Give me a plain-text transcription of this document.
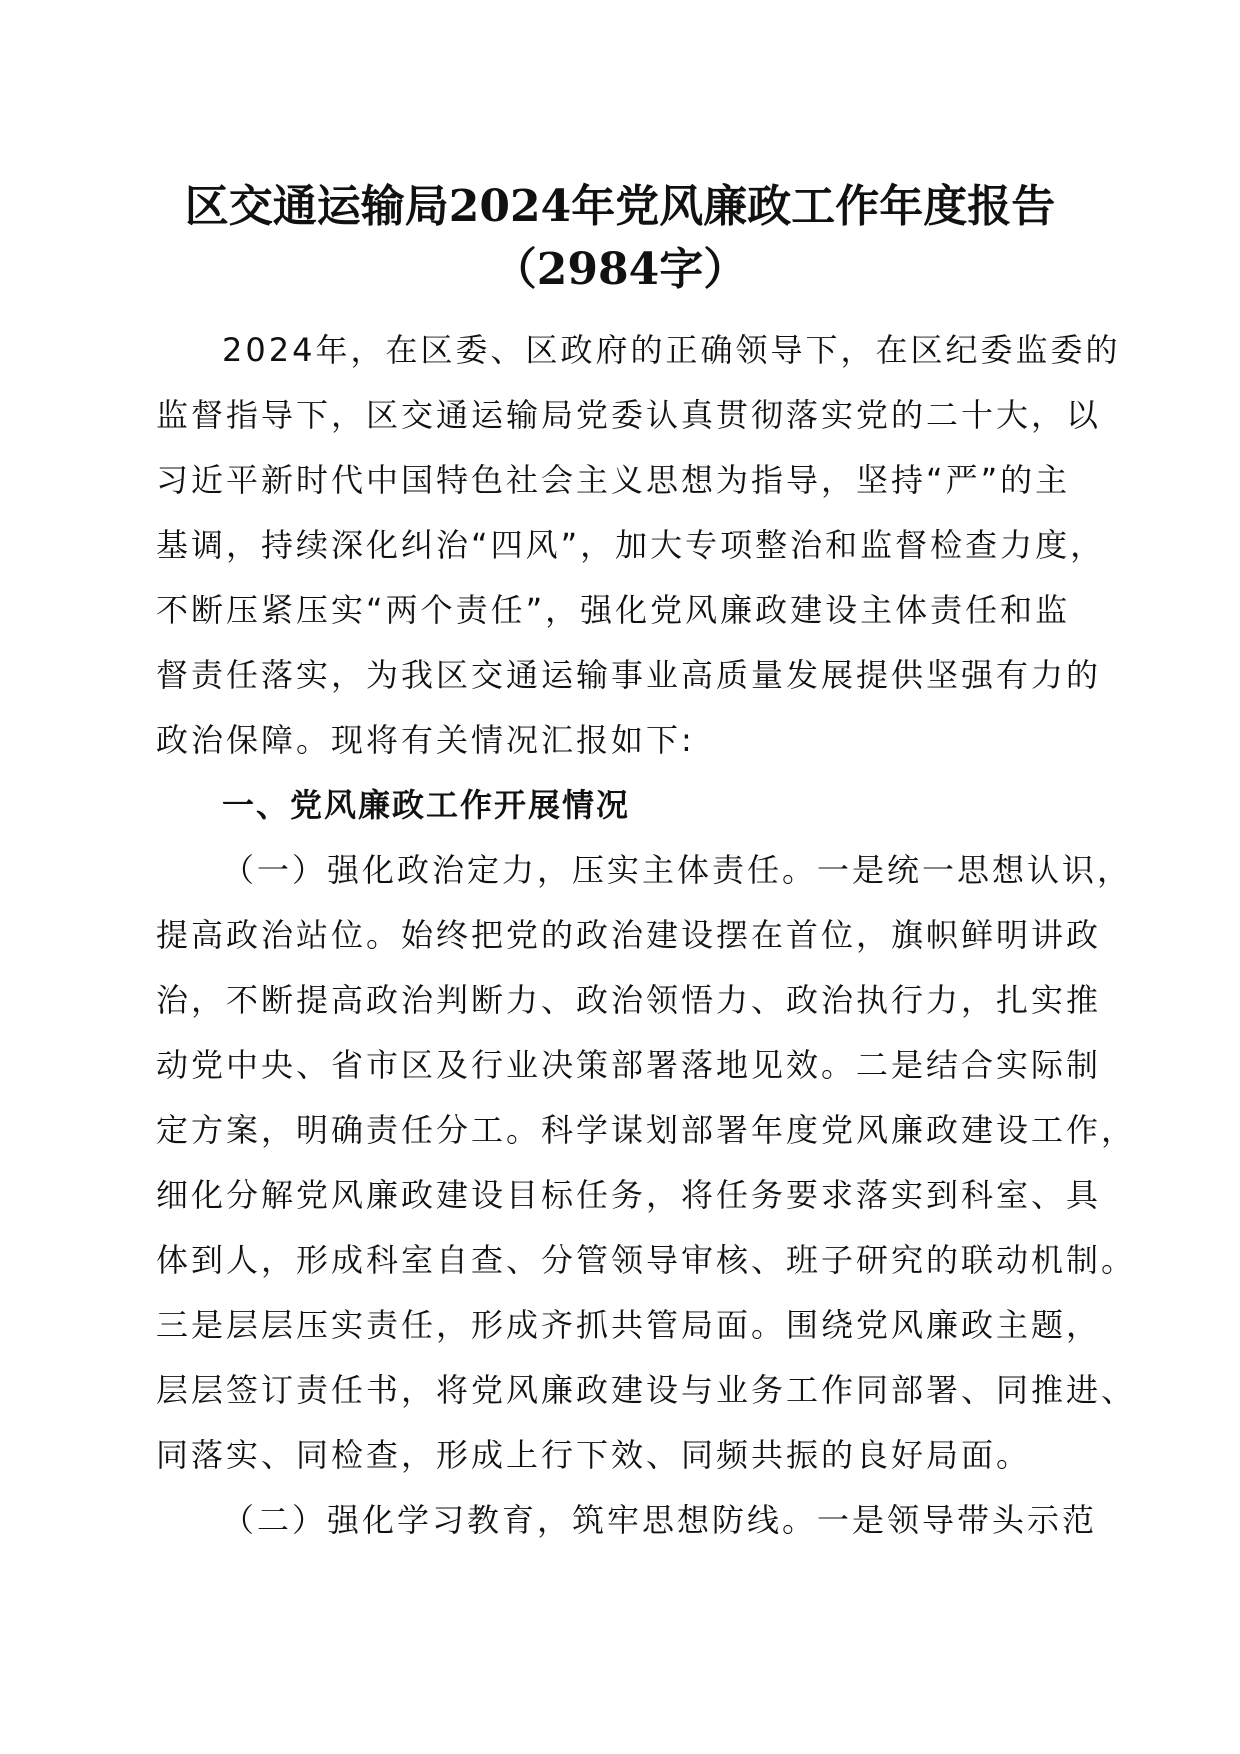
区交通运输局2024年党风廉政工作年度报告
（2984字）
2024年，在区委、区政府的正确领导下，在区纪委监委的
监督指导下，区交通运输局党委认真贯彻落实党的二十大，以
习近平新时代中国特色社会主义思想为指导，坚持“严”的主
基调，持续深化纠治“四风”，加大专项整治和监督检查力度，
不断压紧压实“两个责任”，强化党风廉政建设主体责任和监
督责任落实，为我区交通运输事业高质量发展提供坚强有力的
政治保障。现将有关情况汇报如下:
一、党风廉政工作开展情况
（一）强化政治定力，压实主体责任。一是统一思想认识，
提高政治站位。始终把党的政治建设摆在首位，旗帜鲜明讲政
治，不断提高政治判断力、政治领悟力、政治执行力，扎实推
动党中央、省市区及行业决策部署落地见效。二是结合实际制
定方案，明确责任分工。科学谋划部署年度党风廉政建设工作，
细化分解党风廉政建设目标任务，将任务要求落实到科室、具
体到人，形成科室自查、分管领导审核、班子研究的联动机制。
三是层层压实责任，形成齐抓共管局面。围绕党风廉政主题，
层层签订责任书，将党风廉政建设与业务工作同部署、同推进、
同落实、同检查，形成上行下效、同频共振的良好局面。
（二）强化学习教育，筑牢思想防线。一是领导带头示范
